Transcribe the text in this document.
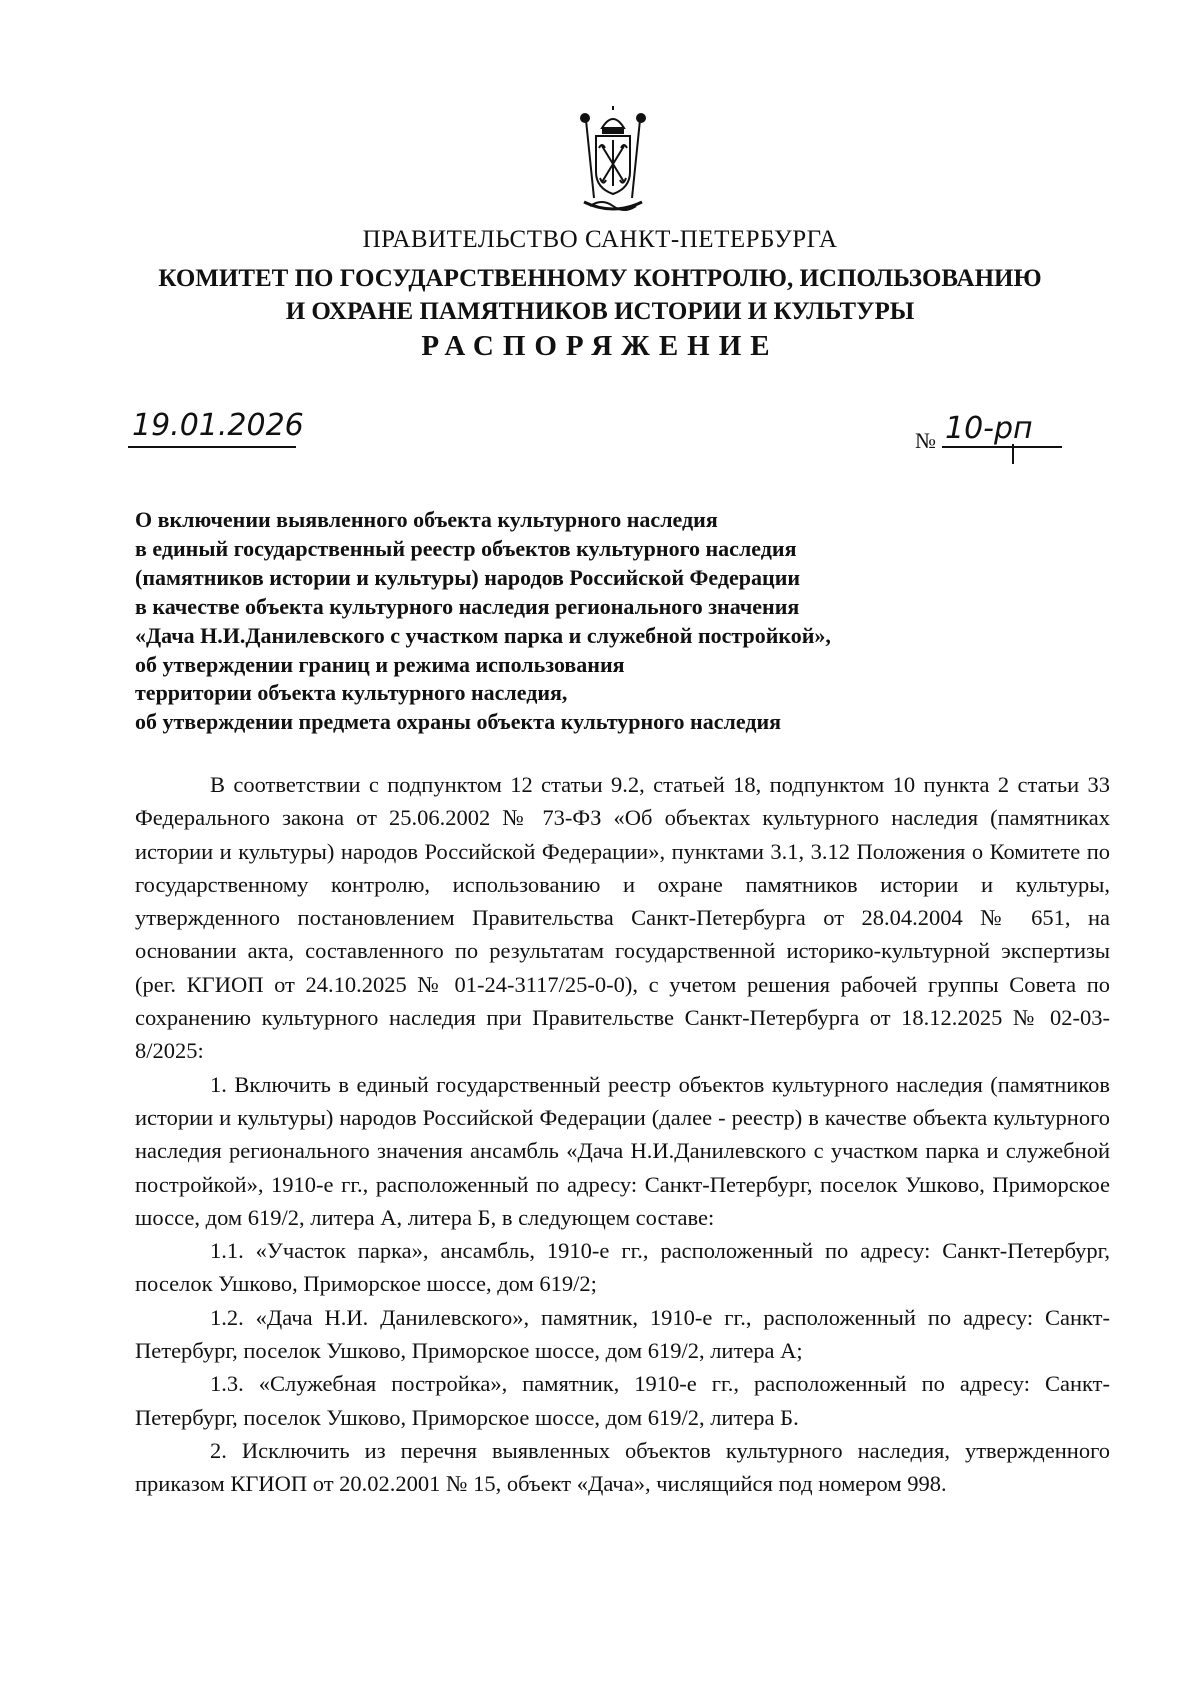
ПРАВИТЕЛЬСТВО САНКТ-ПЕТЕРБУРГА
КОМИТЕТ ПО ГОСУДАРСТВЕННОМУ КОНТРОЛЮ, ИСПОЛЬЗОВАНИЮ
И ОХРАНЕ ПАМЯТНИКОВ ИСТОРИИ И КУЛЬТУРЫ
РАСПОРЯЖЕНИЕ
19.01.2026	№ 10-рп
О включении выявленного объекта культурного наследия
в единый государственный реестр объектов культурного наследия
(памятников истории и культуры) народов Российской Федерации
в качестве объекта культурного наследия регионального значения
«Дача Н.И.Данилевского с участком парка и служебной постройкой»,
об утверждении границ и режима использования
территории объекта культурного наследия,
об утверждении предмета охраны объекта культурного наследия

В соответствии с подпунктом 12 статьи 9.2, статьей 18, подпунктом 10 пункта 2 статьи 33 Федерального закона от 25.06.2002 № 73-ФЗ «Об объектах культурного наследия (памятниках истории и культуры) народов Российской Федерации», пунктами 3.1, 3.12 Положения о Комитете по государственному контролю, использованию и охране памятников истории и культуры, утвержденного постановлением Правительства Санкт-Петербурга от 28.04.2004 № 651, на основании акта, составленного по результатам государственной историко-культурной экспертизы (рег. КГИОП от 24.10.2025 № 01-24-3117/25-0-0), с учетом решения рабочей группы Совета по сохранению культурного наследия при Правительстве Санкт-Петербурга от 18.12.2025 № 02-03-8/2025:

1. Включить в единый государственный реестр объектов культурного наследия (памятников истории и культуры) народов Российской Федерации (далее - реестр) в качестве объекта культурного наследия регионального значения ансамбль «Дача Н.И.Данилевского с участком парка и служебной постройкой», 1910-е гг., расположенный по адресу: Санкт-Петербург, поселок Ушково, Приморское шоссе, дом 619/2, литера А, литера Б, в следующем составе:

1.1. «Участок парка», ансамбль, 1910-е гг., расположенный по адресу: Санкт-Петербург, поселок Ушково, Приморское шоссе, дом 619/2;

1.2. «Дача Н.И. Данилевского», памятник, 1910-е гг., расположенный по адресу: Санкт-Петербург, поселок Ушково, Приморское шоссе, дом 619/2, литера А;

1.3. «Служебная постройка», памятник, 1910-е гг., расположенный по адресу: Санкт-Петербург, поселок Ушково, Приморское шоссе, дом 619/2, литера Б.

2. Исключить из перечня выявленных объектов культурного наследия, утвержденного приказом КГИОП от 20.02.2001 № 15, объект «Дача», числящийся под номером 998.
